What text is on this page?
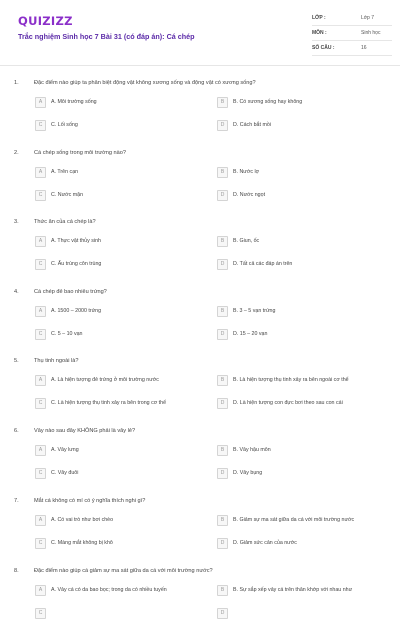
QUIZIZZ
Trắc nghiệm Sinh học 7 Bài 31 (có đáp án): Cá chép
LỚP :	Lớp 7
MÔN :	Sinh học
SỐ CÂU :	16
1.	Đặc điểm nào giúp ta phân biệt động vật không xương sống và động vật có xương sống?
A	A. Môi trường sống	B	B. Có xương sống hay không
C	C. Lối sống	D	D. Cách bắt mồi
2.	Cá chép sống trong môi trường nào?
A	A. Trên cạn	B	B. Nước lợ
C	C. Nước mặn	D	D. Nước ngọt
3.	Thức ăn của cá chép là?
A	A. Thực vật thủy sinh	B	B. Giun, ốc
C	C. Ấu trùng côn trùng	D	D. Tất cả các đáp án trên
4.	Cá chép đẻ bao nhiêu trứng?
A	A. 1500 – 2000 trứng	B	B. 3 – 5 vạn trứng
C	C. 5 – 10 vạn	D	D. 15 – 20 vạn
5.	Thụ tinh ngoài là?
A	A. Là hiện tượng đẻ trứng ở môi trường nước	B	B. Là hiện tượng thụ tinh xảy ra bên ngoài cơ thể
C	C. Là hiện tượng thụ tinh xảy ra bên trong cơ thể	D	D. Là hiện tượng con đực bơi theo sau con cái
6.	Vây nào sau đây KHÔNG phải là vây lẻ?
A	A. Vây lưng	B	B. Vây hậu môn
C	C. Vây đuôi	D	D. Vây bụng
7.	Mắt cá không có mí có ý nghĩa thích nghi gì?
A	A. Có vai trò như bơi chèo	B	B. Giảm sự ma sát giữa da cá với môi trường nước
C	C. Màng mắt không bị khô	D	D. Giảm sức cản của nước
8.	Đặc điểm nào giúp cá giảm sự ma sát giữa da cá với môi trường nước?
A	A. Vảy cá có da bao bọc; trong da có nhiều tuyến	B	B. Sự sắp xếp vảy cá trên thân khớp với nhau như
C	D
